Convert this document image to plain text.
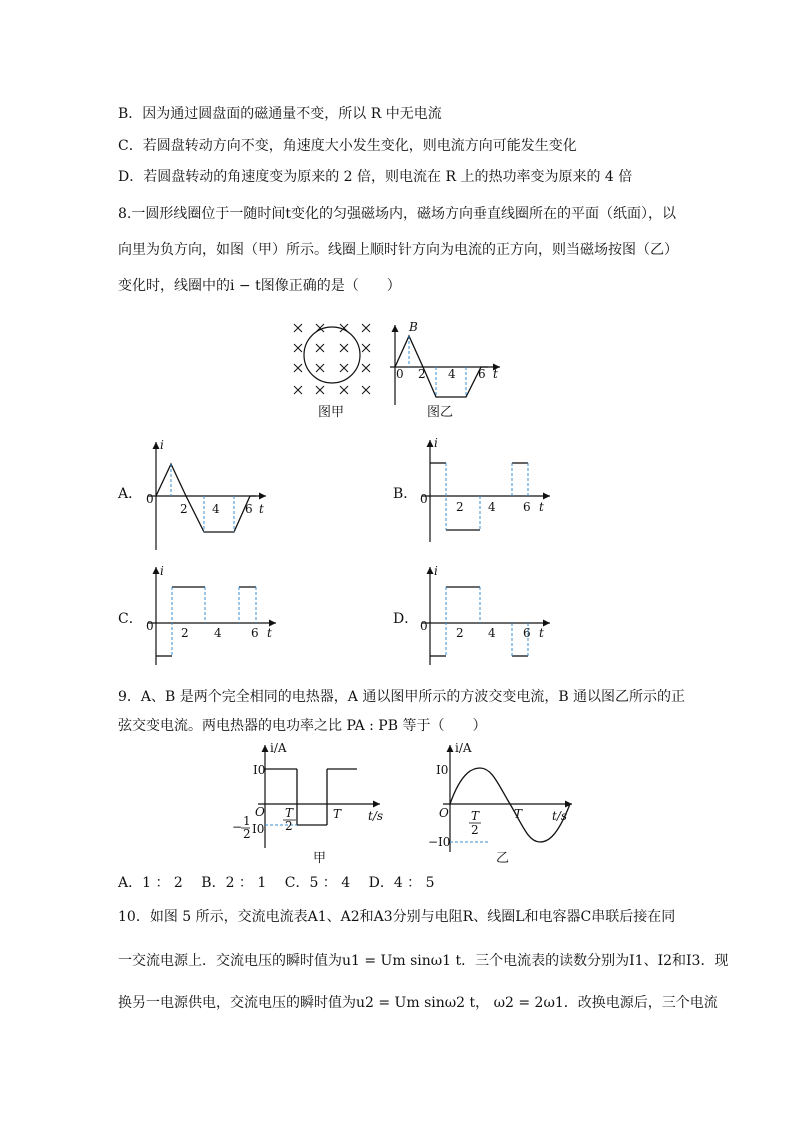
B．因为通过圆盘面的磁通量不变，所以 R 中无电流
C．若圆盘转动方向不变，角速度大小发生变化，则电流方向可能发生变化
D．若圆盘转动的角速度变为原来的 2 倍，则电流在 R 上的热功率变为原来的 4 倍
8.一圆形线圈位于一随时间t变化的匀强磁场内，磁场方向垂直线圈所在的平面（纸面），以
向里为负方向，如图（甲）所示。线圈上顺时针方向为电流的正方向，则当磁场按图（乙）
变化时，线圈中的i − t图像正确的是（　　）
图甲
B
t
0 2 4 6
图乙
i
0
2 4 6 t
i
0
2 4 6 t
i
0 2 4 6 t
i
0 2 4 6 t
i/A
I0
O T
2
T t/s
− 1
2 I0
甲
i/A
I0
O T
2
T t/s
−I0
乙
A．	B．
C．	D．
9．A、B 是两个完全相同的电热器，A 通以图甲所示的方波交变电流，B 通以图乙所示的正
弦交变电流。两电热器的电功率之比 PA : PB 等于（　　）
A．1 ： 2　 B．2 ： 1　 C．5 ： 4　 D．4 ： 5
10．如图 5 所示，交流电流表A1、A2和A3分别与电阻R、线圈L和电容器C串联后接在同
一交流电源上．交流电压的瞬时值为u1 = Um sinω1 t．三个电流表的读数分别为I1、I2和I3．现
换另一电源供电，交流电压的瞬时值为u2 = Um sinω2 t， ω2 = 2ω1．改换电源后，三个电流
